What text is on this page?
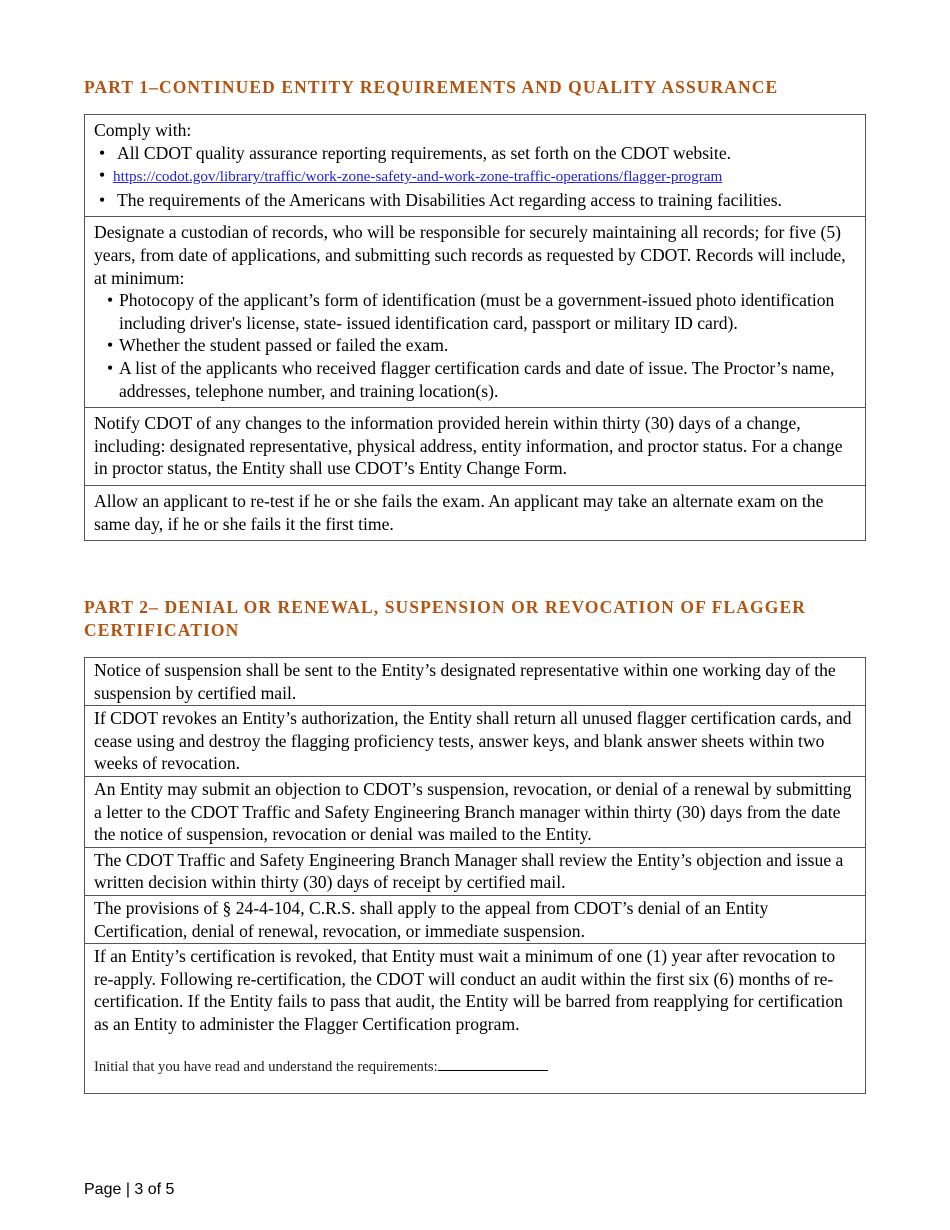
PART 1–CONTINUED ENTITY REQUIREMENTS AND QUALITY ASSURANCE
Comply with:
• All CDOT quality assurance reporting requirements, as set forth on the CDOT website.
• https://codot.gov/library/traffic/work-zone-safety-and-work-zone-traffic-operations/flagger-program
• The requirements of the Americans with Disabilities Act regarding access to training facilities.
Designate a custodian of records, who will be responsible for securely maintaining all records; for five (5) years, from date of applications, and submitting such records as requested by CDOT. Records will include, at minimum:
• Photocopy of the applicant’s form of identification (must be a government-issued photo identification including driver's license, state- issued identification card, passport or military ID card).
• Whether the student passed or failed the exam.
• A list of the applicants who received flagger certification cards and date of issue. The Proctor’s name, addresses, telephone number, and training location(s).
Notify CDOT of any changes to the information provided herein within thirty (30) days of a change, including: designated representative, physical address, entity information, and proctor status. For a change in proctor status, the Entity shall use CDOT’s Entity Change Form.
Allow an applicant to re-test if he or she fails the exam. An applicant may take an alternate exam on the same day, if he or she fails it the first time.
PART 2– DENIAL OR RENEWAL, SUSPENSION OR REVOCATION OF FLAGGER CERTIFICATION
Notice of suspension shall be sent to the Entity’s designated representative within one working day of the suspension by certified mail.
If CDOT revokes an Entity’s authorization, the Entity shall return all unused flagger certification cards, and cease using and destroy the flagging proficiency tests, answer keys, and blank answer sheets within two weeks of revocation.
An Entity may submit an objection to CDOT’s suspension, revocation, or denial of a renewal by submitting a letter to the CDOT Traffic and Safety Engineering Branch manager within thirty (30) days from the date the notice of suspension, revocation or denial was mailed to the Entity.
The CDOT Traffic and Safety Engineering Branch Manager shall review the Entity’s objection and issue a written decision within thirty (30) days of receipt by certified mail.
The provisions of § 24-4-104, C.R.S. shall apply to the appeal from CDOT’s denial of an Entity Certification, denial of renewal, revocation, or immediate suspension.
If an Entity’s certification is revoked, that Entity must wait a minimum of one (1) year after revocation to re-apply. Following re-certification, the CDOT will conduct an audit within the first six (6) months of re-certification. If the Entity fails to pass that audit, the Entity will be barred from reapplying for certification as an Entity to administer the Flagger Certification program.
Initial that you have read and understand the requirements:
Page | 3 of 5
